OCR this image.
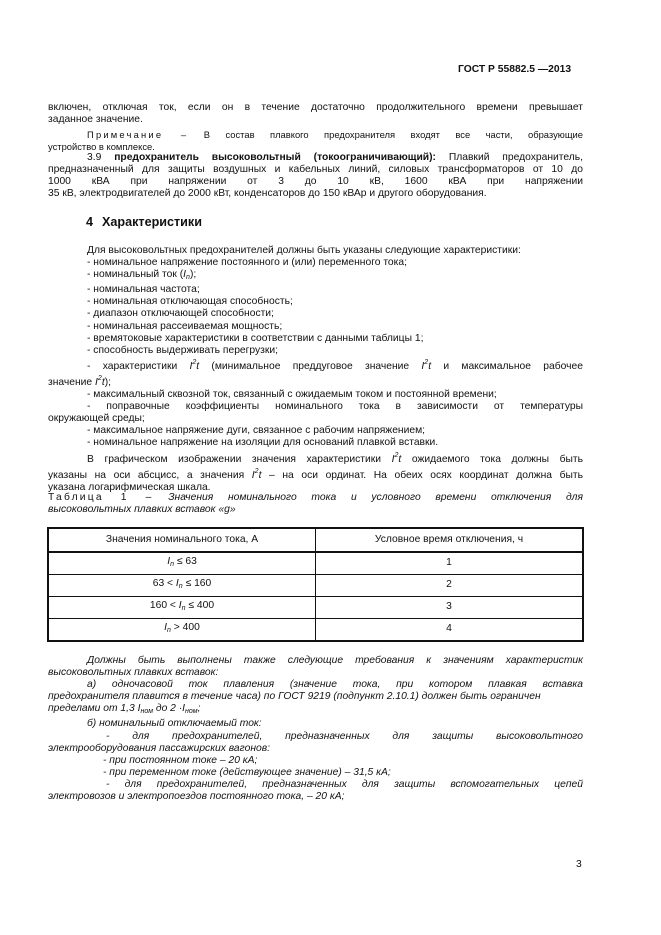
ГОСТ Р 55882.5 —2013
включен, отключая ток, если он в течение достаточно продолжительного времени превышает
заданное значение.
Примечание – В состав плавкого предохранителя входят все части, образующие
устройство в комплексе.
3.9 предохранитель высоковольтный (токоограничивающий): Плавкий предохранитель,
предназначенный для защиты воздушных и кабельных линий, силовых трансформаторов от 10 до
1000 кВА при напряжении от 3 до 10 кВ, 1600 кВА при напряжении
35 кВ, электродвигателей до 2000 кВт, конденсаторов до 150 кВАр и другого оборудования.
4 Характеристики
Для высоковольтных предохранителей должны быть указаны следующие характеристики:
- номинальное напряжение постоянного и (или) переменного тока;
- номинальный ток $(I_n)$;
- номинальная частота;
- номинальная отключающая способность;
- диапазон отключающей способности;
- номинальная рассеиваемая мощность;
- времятоковые характеристики в соответствии с данными таблицы 1;
- способность выдерживать перегрузки;
- характеристики $I^2t$ (минимальное преддуговое значение $I^2t$ и максимальное рабочее
значение $I^2t$);
- максимальный сквозной ток, связанный с ожидаемым током и постоянной времени;
- поправочные коэффициенты номинального тока в зависимости от температуры
окружающей среды;
- максимальное напряжение дуги, связанное с рабочим напряжением;
- номинальное напряжение на изоляции для оснований плавкой вставки.
В графическом изображении значения характеристики $I^2t$ ожидаемого тока должны быть
указаны на оси абсцисс, а значения $I^2t$ – на оси ординат. На обеих осях координат должна быть
указана логарифмическая шкала.
Таблица 1 – Значения номинального тока и условного времени отключения для
высоковольтных плавких вставок «g»
Значения номинального тока, А	Условное время отключения, ч
$I_n \le 63$	1
$63 < I_n \le 160$	2
$160 < I_n \le 400$	3
$I_n > 400$	4
Должны быть выполнены также следующие требования к значениям характеристик
высоковольтных плавких вставок:
а) одночасовой ток плавления (значение тока, при котором плавкая вставка
предохранителя плавится в течение часа) по ГОСТ 9219 (подпункт 2.10.1) должен быть ограничен
пределами от 1,3 $I_{ном}$ до $2 \cdot I_{ном}$;
б) номинальный отключаемый ток:
- для предохранителей, предназначенных для защиты высоковольтного
электрооборудования пассажирских вагонов:
- при постоянном токе – 20 кА;
- при переменном токе (действующее значение) – 31,5 кА;
- для предохранителей, предназначенных для защиты вспомогательных цепей
электровозов и электропоездов постоянного тока, – 20 кА;
3
